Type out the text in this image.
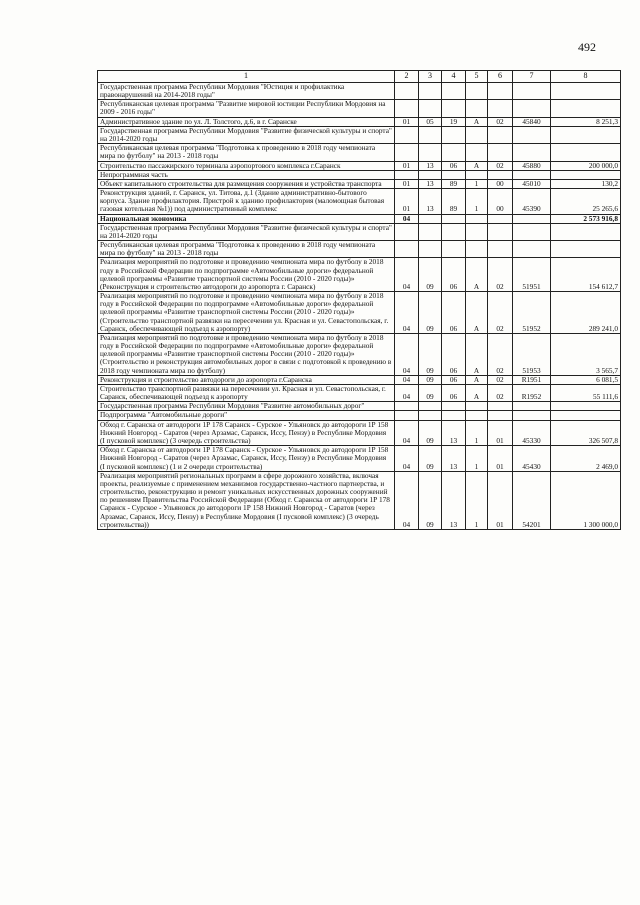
492
1	2	3	4	5	6	7	8
Государственная программа Республики Мордовия "Юстиция и профилактика правонарушений на 2014-2018 годы"							
Республиканская целевая программа "Развитие мировой юстиции Республики Мордовия на 2009 - 2016 годы"							
Административное здание по ул. Л. Толстого, д.6, в г. Саранске	01	05	19	А	02	45840	8 251,3
Государственная программа Республики Мордовия "Развитие физической культуры и спорта" на 2014-2020 годы							
Республиканская целевая программа "Подготовка к проведению в 2018 году чемпионата мира по футболу" на 2013 - 2018 годы							
Строительство пассажирского терминала аэропортового комплекса г.Саранск	01	13	06	А	02	45880	200 000,0
Непрограммная часть							
Объект капитального строительства для размещения сооружения и устройства транспорта	01	13	89	1	00	45010	130,2
Реконструкция зданий, г. Саранск, ул. Титова, д.1 (Здание административно-бытового корпуса. Здание профилактория. Пристрой к зданию профилактория (маломощная бытовая газовая котельная №1)) под административный комплекс	01	13	89	1	00	45390	25 265,6
Национальная экономика	04						2 573 916,8
Государственная программа Республики Мордовия "Развитие физической культуры и спорта" на 2014-2020 годы							
Республиканская целевая программа "Подготовка к проведению в 2018 году чемпионата мира по футболу" на 2013 - 2018 годы							
Реализация мероприятий по подготовке и проведению чемпионата мира по футболу в 2018 году в Российской Федерации по подпрограмме «Автомобильные дороги» федеральной целевой программы «Развитие транспортной системы России (2010 - 2020 годы)» (Реконструкция и строительство автодороги до аэропорта г. Саранск)	04	09	06	А	02	51951	154 612,7
Реализация мероприятий по подготовке и проведению чемпионата мира по футболу в 2018 году в Российской Федерации по подпрограмме «Автомобильные дороги» федеральной целевой программы «Развитие транспортной системы России (2010 - 2020 годы)» (Строительство транспортной развязки на пересечении ул. Красная и ул. Севастопольская, г. Саранск, обеспечивающей подъезд к аэропорту)	04	09	06	А	02	51952	289 241,0
Реализация мероприятий по подготовке и проведению чемпионата мира по футболу в 2018 году в Российской Федерации по подпрограмме «Автомобильные дороги» федеральной целевой программы «Развитие транспортной системы России (2010 - 2020 годы)» (Строительство и реконструкция автомобильных дорог в связи с подготовкой к проведению в 2018 году чемпионата мира по футболу)	04	09	06	А	02	51953	3 565,7
Реконструкция и строительство автодороги до аэропорта г.Саранска	04	09	06	А	02	R1951	6 081,5
Строительство транспортной развязки на пересечении ул. Красная и ул. Севастопольская, г. Саранск, обеспечивающей подъезд к аэропорту	04	09	06	А	02	R1952	55 111,6
Государственная программа Республики Мордовия "Развитие автомобильных дорог"							
Подпрограмма "Автомобильные дороги"							
Обход г. Саранска от автодороги 1Р 178 Саранск - Сурское - Ульяновск до автодороги 1Р 158 Нижний Новгород - Саратов (через Арзамас, Саранск, Иссу, Пензу) в Республике Мордовия (I пусковой комплекс) (3 очередь строительства)	04	09	13	1	01	45330	326 507,8
Обход г. Саранска от автодороги 1Р 178 Саранск - Сурское - Ульяновск до автодороги 1Р 158 Нижний Новгород - Саратов (через Арзамас, Саранск, Иссу, Пензу) в Республике Мордовия (I пусковой комплекс) (1 и 2 очереди строительства)	04	09	13	1	01	45430	2 469,0
Реализация мероприятий региональных программ в сфере дорожного хозяйства, включая проекты, реализуемые с применением механизмов государственно-частного партнерства, и строительство, реконструкцию и ремонт уникальных искусственных дорожных сооружений по решениям Правительства Российской Федерации (Обход г. Саранска от автодороги 1Р 178 Саранск - Сурское - Ульяновск до автодороги 1Р 158 Нижний Новгород - Саратов (через Арзамас, Саранск, Иссу, Пензу) в Республике Мордовия (I пусковой комплекс) (3 очередь строительства))	04	09	13	1	01	54201	1 300 000,0
